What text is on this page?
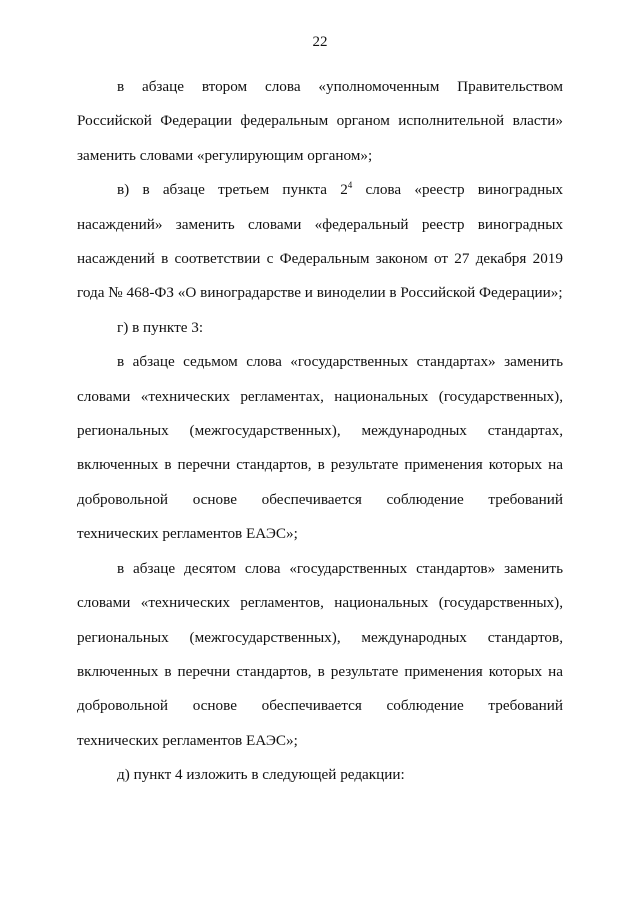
22

в абзаце втором слова «уполномоченным Правительством Российской Федерации федеральным органом исполнительной власти» заменить словами «регулирующим органом»;

в) в абзаце третьем пункта $2^4$ слова «реестр виноградных насаждений» заменить словами «федеральный реестр виноградных насаждений в соответствии с Федеральным законом от 27 декабря 2019 года № 468-ФЗ «О виноградарстве и виноделии в Российской Федерации»;

г) в пункте 3:

в абзаце седьмом слова «государственных стандартах» заменить словами «технических регламентах, национальных (государственных), региональных (межгосударственных), международных стандартах, включенных в перечни стандартов, в результате применения которых на добровольной основе обеспечивается соблюдение требований технических регламентов ЕАЭС»;

в абзаце десятом слова «государственных стандартов» заменить словами «технических регламентов, национальных (государственных), региональных (межгосударственных), международных стандартов, включенных в перечни стандартов, в результате применения которых на добровольной основе обеспечивается соблюдение требований технических регламентов ЕАЭС»;

д) пункт 4 изложить в следующей редакции:
